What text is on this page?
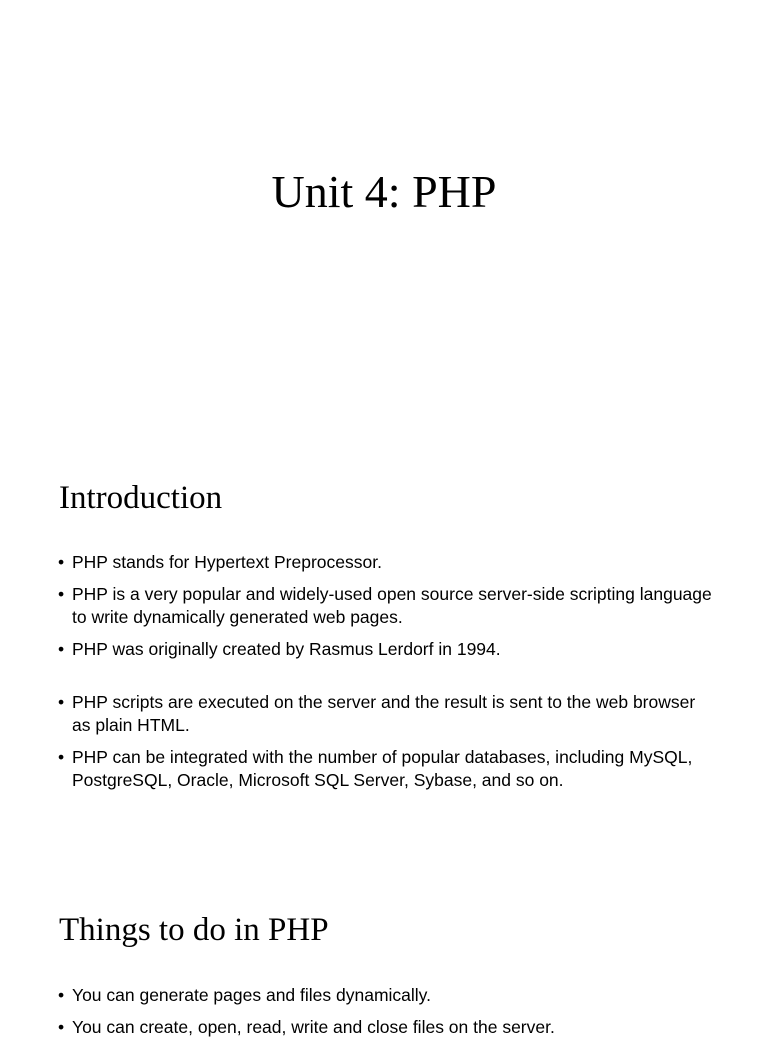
Unit 4: PHP
Introduction
• PHP stands for Hypertext Preprocessor.
• PHP is a very popular and widely-used open source server-side scripting language to write dynamically generated web pages.
• PHP was originally created by Rasmus Lerdorf in 1994.
• PHP scripts are executed on the server and the result is sent to the web browser as plain HTML.
• PHP can be integrated with the number of popular databases, including MySQL, PostgreSQL, Oracle, Microsoft SQL Server, Sybase, and so on.
Things to do in PHP
• You can generate pages and files dynamically.
• You can create, open, read, write and close files on the server.
